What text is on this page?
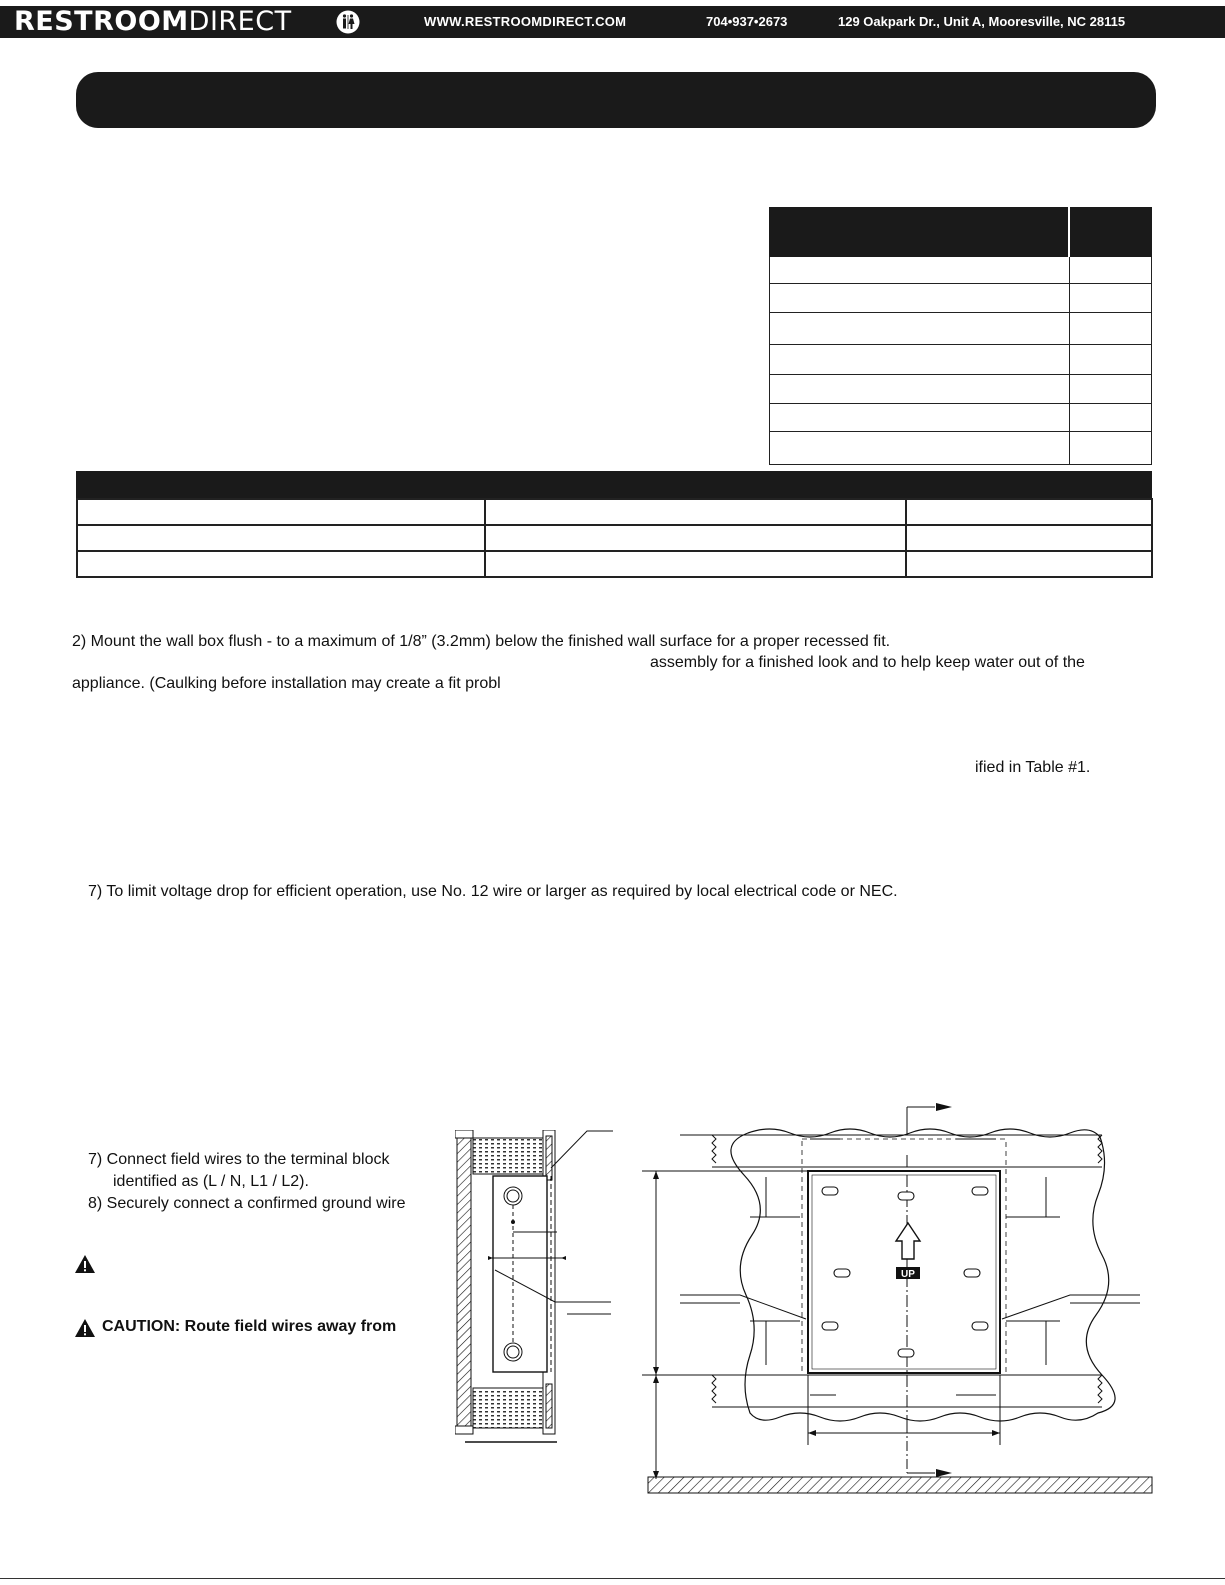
RESTROOMDIRECT	WWW.RESTROOMDIRECT.COM	704•937•2673	129 Oakpark Dr., Unit A, Mooresville, NC 28115

2) Mount the wall box flush - to a maximum of 1/8” (3.2mm) below the finished wall surface for a proper recessed fit.
assembly for a finished look and to help keep water out of the
appliance. (Caulking before installation may create a fit probl
ified in Table #1.
7) To limit voltage drop for efficient operation, use No. 12 wire or larger as required by local electrical code or NEC.
7) Connect field wires to the terminal block
identified as (L / N, L1 / L2).
8) Securely connect a confirmed ground wire
CAUTION: Route field wires away from
UP
